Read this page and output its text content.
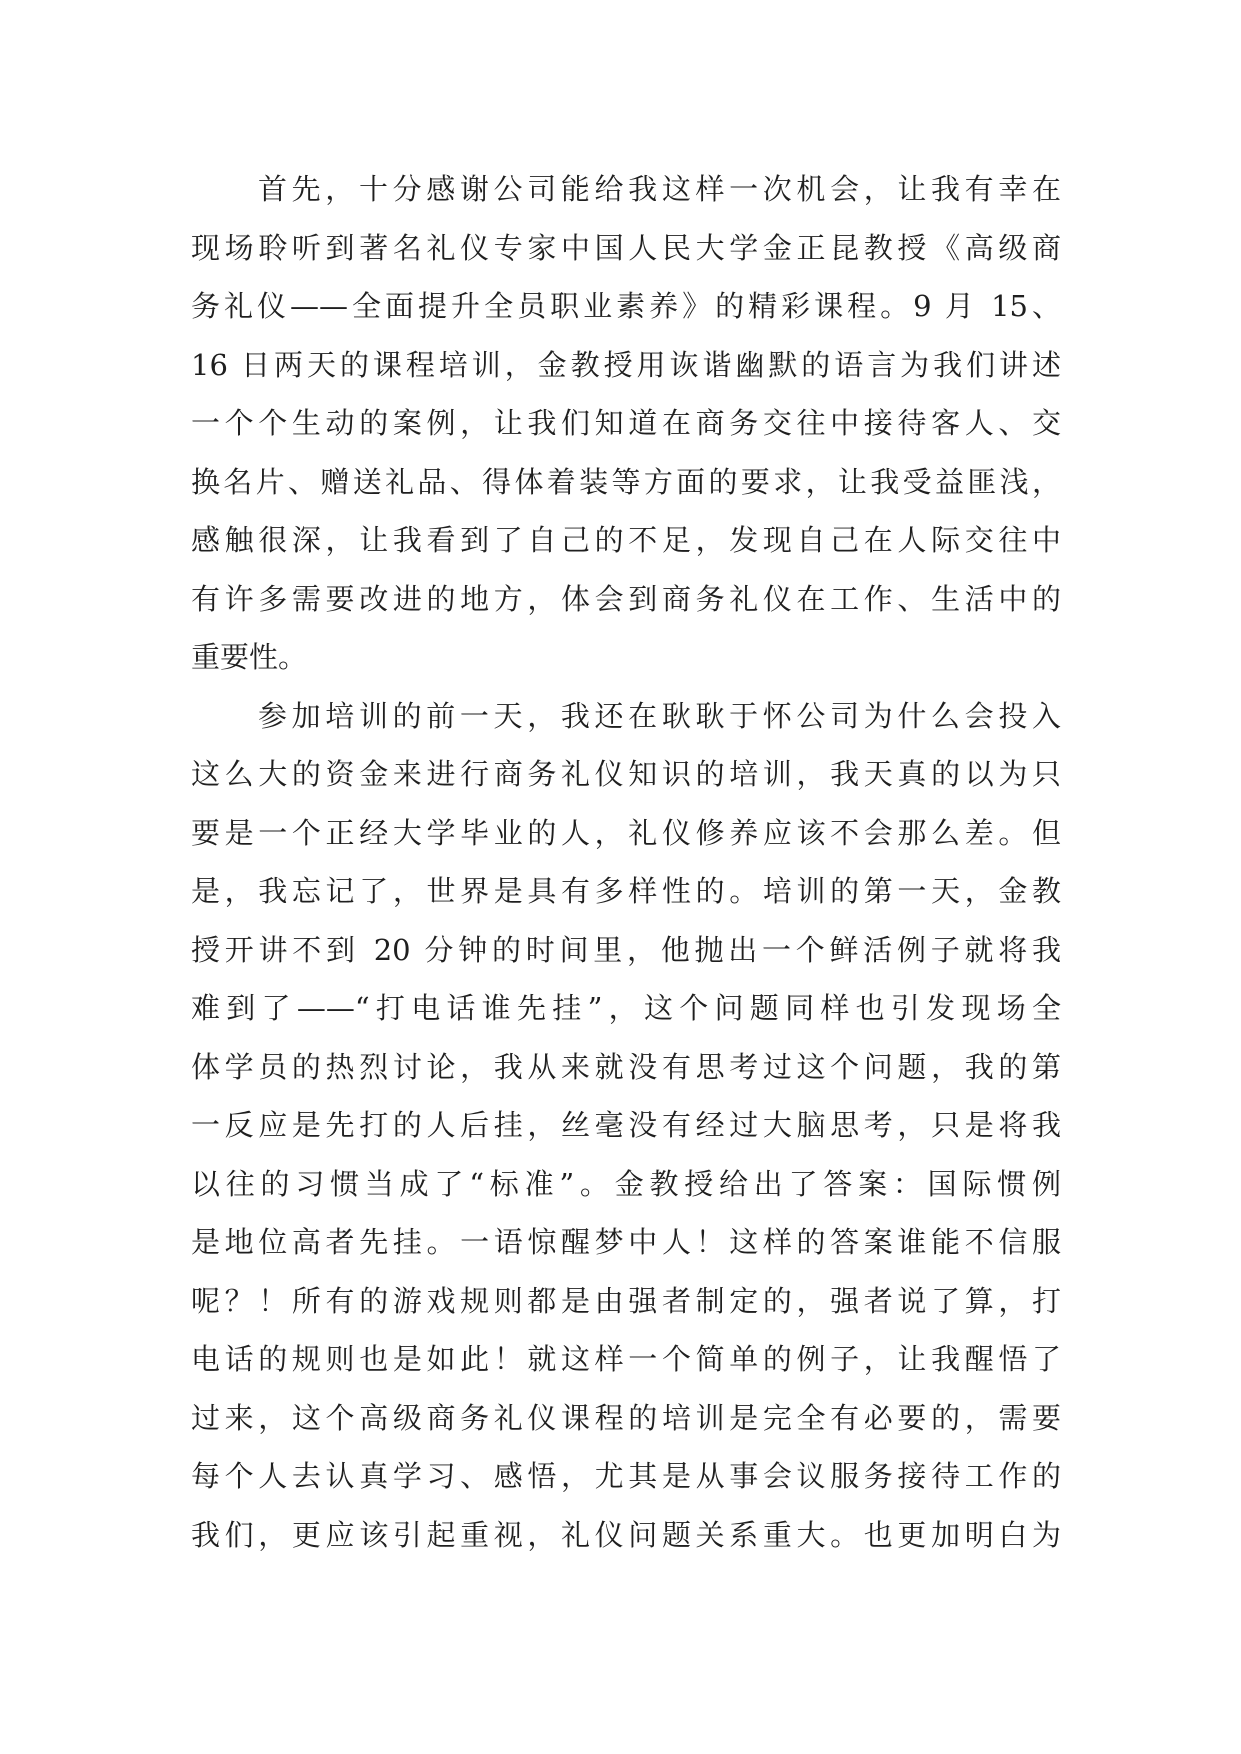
首先，十分感谢公司能给我这样一次机会，让我有幸在
现场聆听到著名礼仪专家中国人民大学金正昆教授《高级商
务礼仪——全面提升全员职业素养》的精彩课程。9 月 15、
16 日两天的课程培训，金教授用诙谐幽默的语言为我们讲述
一个个生动的案例，让我们知道在商务交往中接待客人、交
换名片、赠送礼品、得体着装等方面的要求，让我受益匪浅，
感触很深，让我看到了自己的不足，发现自己在人际交往中
有许多需要改进的地方，体会到商务礼仪在工作、生活中的
重要性。
参加培训的前一天，我还在耿耿于怀公司为什么会投入
这么大的资金来进行商务礼仪知识的培训，我天真的以为只
要是一个正经大学毕业的人，礼仪修养应该不会那么差。但
是，我忘记了，世界是具有多样性的。培训的第一天，金教
授开讲不到 20 分钟的时间里，他抛出一个鲜活例子就将我
难到了——“打电话谁先挂”，这个问题同样也引发现场全
体学员的热烈讨论，我从来就没有思考过这个问题，我的第
一反应是先打的人后挂，丝毫没有经过大脑思考，只是将我
以往的习惯当成了“标准”。金教授给出了答案：国际惯例
是地位高者先挂。一语惊醒梦中人！这样的答案谁能不信服
呢？！所有的游戏规则都是由强者制定的，强者说了算，打
电话的规则也是如此！就这样一个简单的例子，让我醒悟了
过来，这个高级商务礼仪课程的培训是完全有必要的，需要
每个人去认真学习、感悟，尤其是从事会议服务接待工作的
我们，更应该引起重视，礼仪问题关系重大。也更加明白为
